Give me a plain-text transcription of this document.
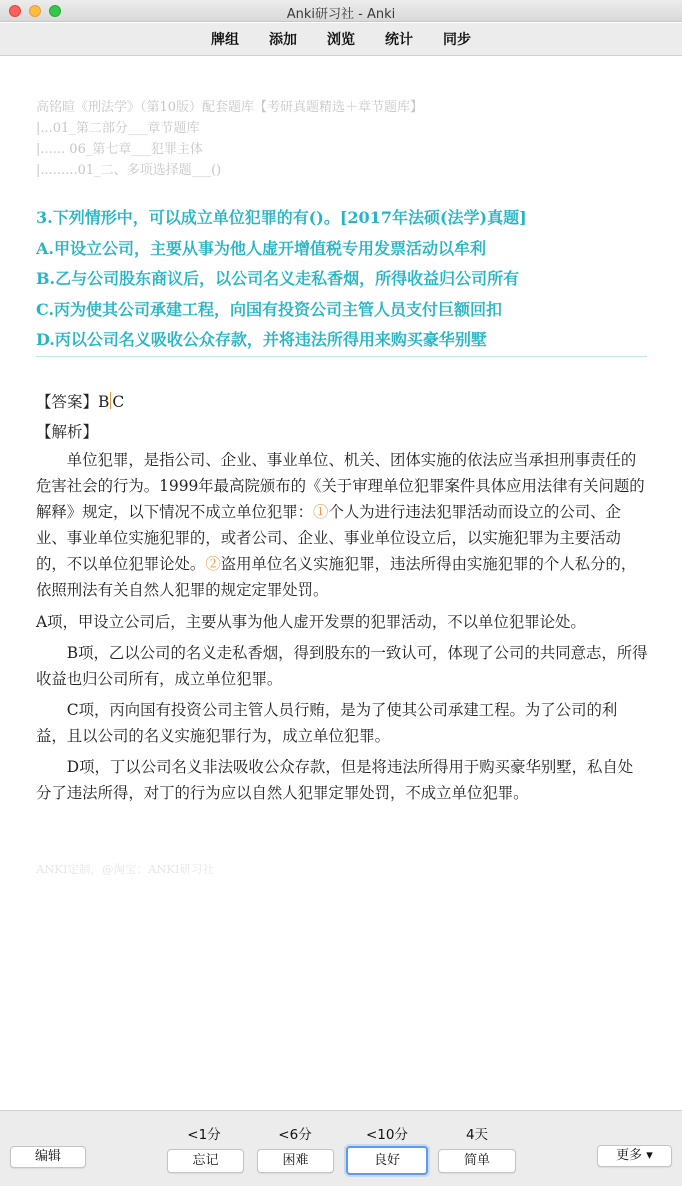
Anki研习社 - Anki
牌组 添加 浏览 统计 同步
高铭暄《刑法学》（第10版）配套题库【考研真题精选＋章节题库】
|...01_第二部分___章节题库
|...... 06_第七章___犯罪主体
|.........01_二、多项选择题___()
3.下列情形中，可以成立单位犯罪的有()。[2017年法硕(法学)真题]
A.甲设立公司，主要从事为他人虚开增值税专用发票活动以牟利
B.乙与公司股东商议后，以公司名义走私香烟，所得收益归公司所有
C.丙为使其公司承建工程，向国有投资公司主管人员支付巨额回扣
D.丙以公司名义吸收公众存款，并将违法所得用来购买豪华别墅
【答案】B C
【解析】

单位犯罪，是指公司、企业、事业单位、机关、团体实施的依法应当承担刑事责任的危害社会的行为。1999年最高院颁布的《关于审理单位犯罪案件具体应用法律有关问题的解释》规定，以下情况不成立单位犯罪：①个人为进行违法犯罪活动而设立的公司、企业、事业单位实施犯罪的，或者公司、企业、事业单位设立后，以实施犯罪为主要活动的，不以单位犯罪论处。②盗用单位名义实施犯罪，违法所得由实施犯罪的个人私分的，依照刑法有关自然人犯罪的规定定罪处罚。

A项，甲设立公司后，主要从事为他人虚开发票的犯罪活动，不以单位犯罪论处。

B项，乙以公司的名义走私香烟，得到股东的一致认可，体现了公司的共同意志，所得收益也归公司所有，成立单位犯罪。

C项，丙向国有投资公司主管人员行贿，是为了使其公司承建工程。为了公司的利益，且以公司的名义实施犯罪行为，成立单位犯罪。

D项，丁以公司名义非法吸收公众存款，但是将违法所得用于购买豪华别墅，私自处分了违法所得，对丁的行为应以自然人犯罪定罪处罚，不成立单位犯罪。

ANKI定制，@淘宝：ANKI研习社
编辑
<1分	<6分	<10分	4天
忘记	困难	良好	简单	更多 ▾
